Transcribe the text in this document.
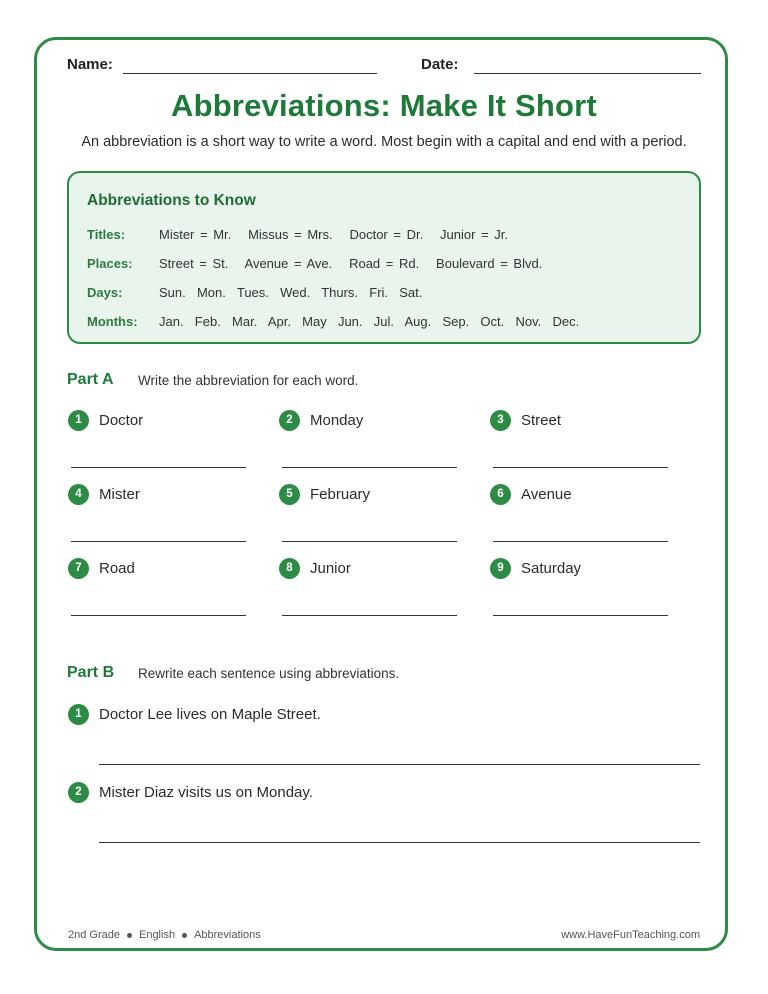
Name:	Date:
Abbreviations: Make It Short
An abbreviation is a short way to write a word. Most begin with a capital and end with a period.
Abbreviations to Know
Titles:	Mister = Mr.   Missus = Mrs.   Doctor = Dr.   Junior = Jr.
Places: Street = St.   Avenue = Ave.   Road = Rd.   Boulevard = Blvd.
Days:	Sun.  Mon.  Tues.  Wed.  Thurs.  Fri.  Sat.
Months: Jan.  Feb.  Mar.  Apr.  May  Jun.  Jul.  Aug.  Sep.  Oct.  Nov.  Dec.
Part A Write the abbreviation for each word.
1	Doctor	2	Monday	3	Street
4	Mister	5	February	6	Avenue
7	Road	8	Junior	9	Saturday
Part B Rewrite each sentence using abbreviations.
1	Doctor Lee lives on Maple Street.
2	Mister Diaz visits us on Monday.
2nd Grade English Abbreviations	www.HaveFunTeaching.com
